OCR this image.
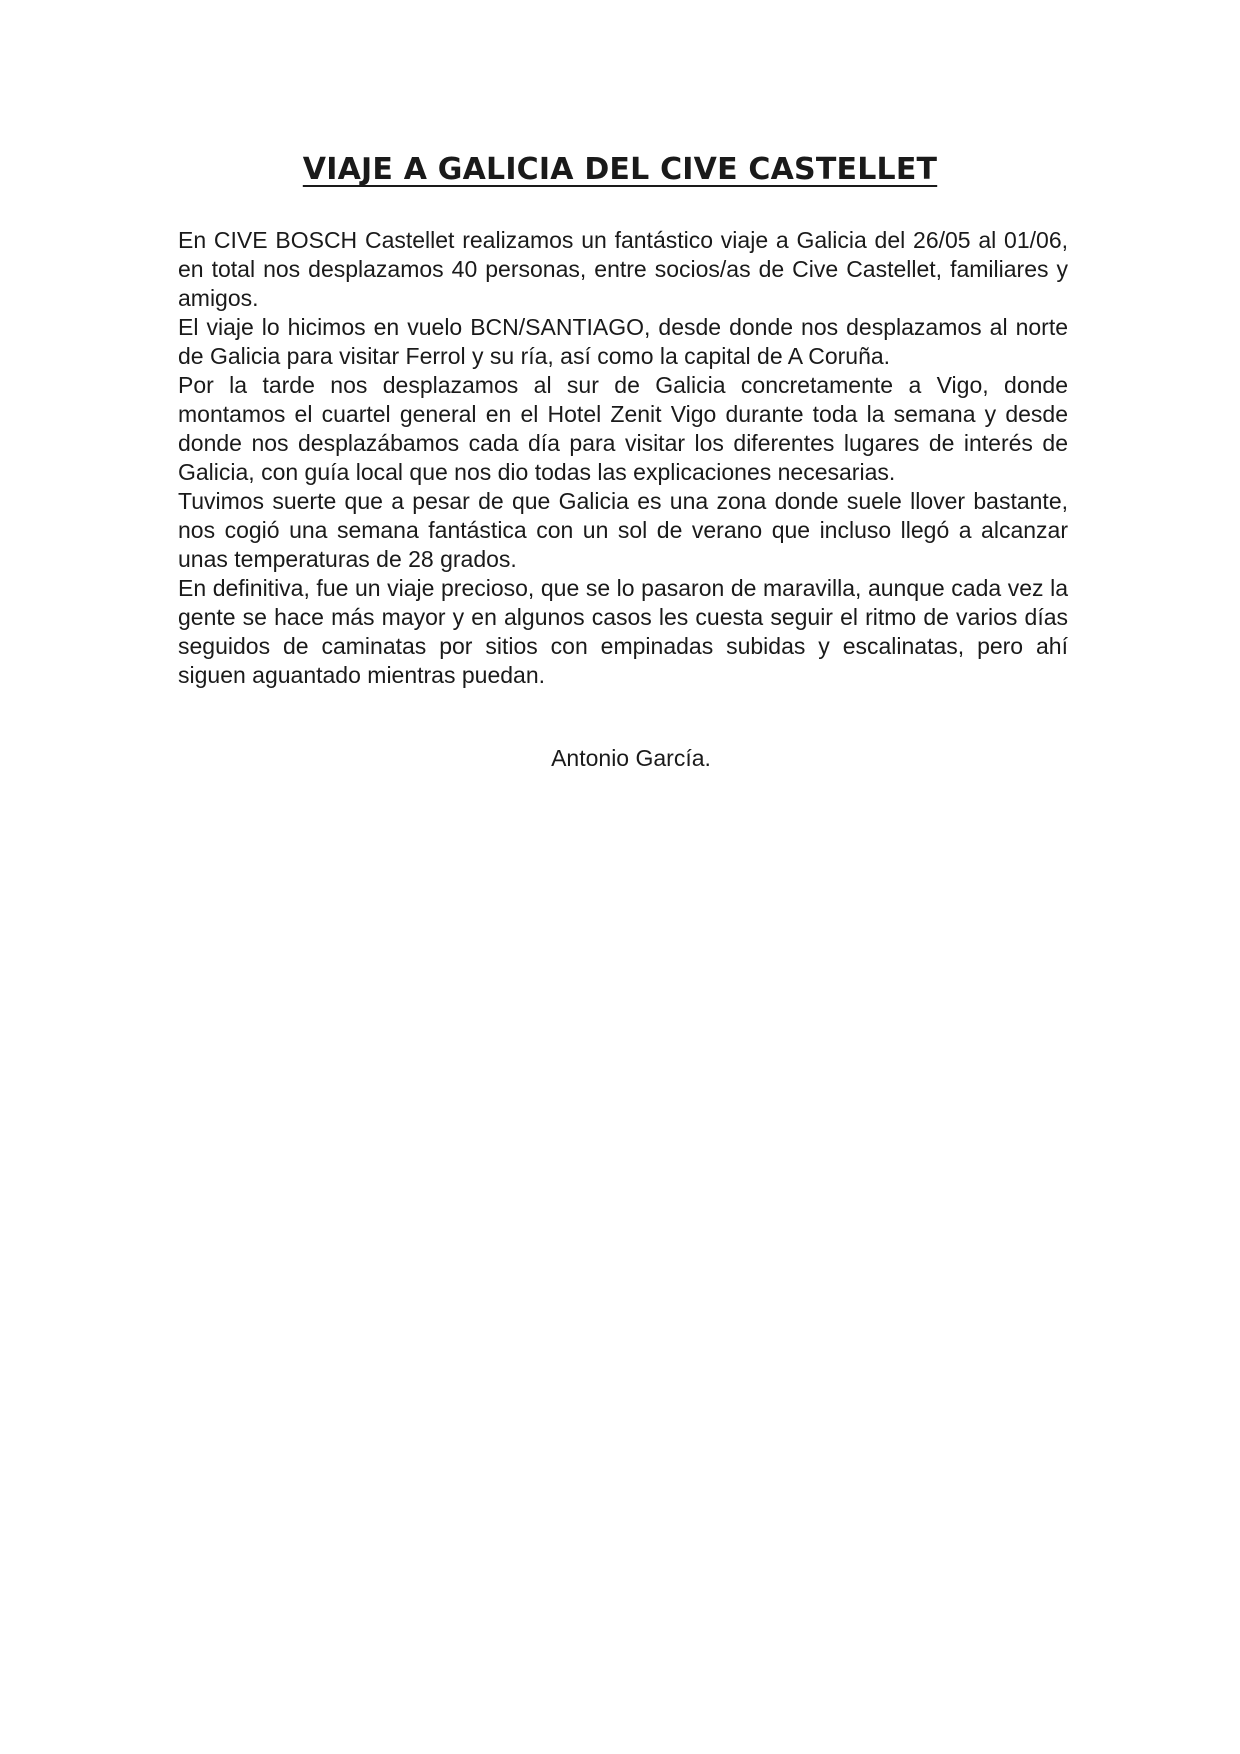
VIAJE A GALICIA DEL CIVE CASTELLET

En CIVE BOSCH Castellet realizamos un fantástico viaje a Galicia del 26/05 al 01/06, en total nos desplazamos 40 personas, entre socios/as de Cive Castellet, familiares y amigos.

El viaje lo hicimos en vuelo BCN/SANTIAGO, desde donde nos desplazamos al norte de Galicia para visitar Ferrol y su ría, así como la capital de A Coruña.

Por la tarde nos desplazamos al sur de Galicia concretamente a Vigo, donde montamos el cuartel general en el Hotel Zenit Vigo durante toda la semana y desde donde nos desplazábamos cada día para visitar los diferentes lugares de interés de Galicia, con guía local que nos dio todas las explicaciones necesarias.

Tuvimos suerte que a pesar de que Galicia es una zona donde suele llover bastante, nos cogió una semana fantástica con un sol de verano que incluso llegó a alcanzar unas temperaturas de 28 grados.

En definitiva, fue un viaje precioso, que se lo pasaron de maravilla, aunque cada vez la gente se hace más mayor y en algunos casos les cuesta seguir el ritmo de varios días seguidos de caminatas por sitios con empinadas subidas y escalinatas, pero ahí siguen aguantado mientras puedan.

Antonio García.
